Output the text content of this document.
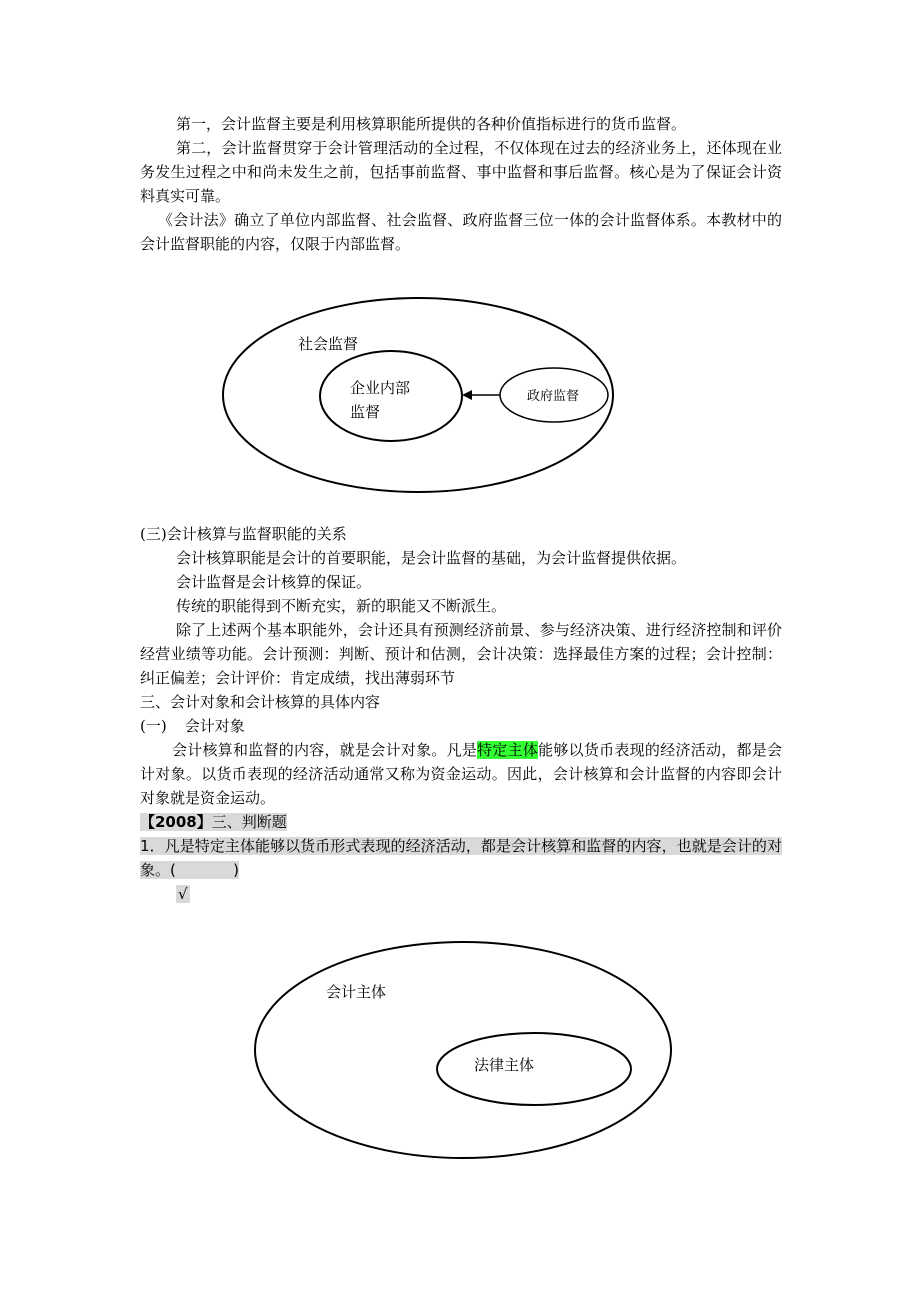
第一，会计监督主要是利用核算职能所提供的各种价值指标进行的货币监督。

第二，会计监督贯穿于会计管理活动的全过程，不仅体现在过去的经济业务上，还体现在业务发生过程之中和尚未发生之前，包括事前监督、事中监督和事后监督。核心是为了保证会计资料真实可靠。

《会计法》确立了单位内部监督、社会监督、政府监督三位一体的会计监督体系。本教材中的会计监督职能的内容，仅限于内部监督。

社会监督
企业内部
监督
政府监督

(三)会计核算与监督职能的关系

会计核算职能是会计的首要职能，是会计监督的基础，为会计监督提供依据。

会计监督是会计核算的保证。

传统的职能得到不断充实，新的职能又不断派生。

除了上述两个基本职能外，会计还具有预测经济前景、参与经济决策、进行经济控制和评价经营业绩等功能。会计预测：判断、预计和估测，会计决策：选择最佳方案的过程；会计控制：纠正偏差；会计评价：肯定成绩，找出薄弱环节

三、会计对象和会计核算的具体内容

(一) 会计对象

会计核算和监督的内容，就是会计对象。凡是特定主体能够以货币表现的经济活动，都是会计对象。以货币表现的经济活动通常又称为资金运动。因此，会计核算和会计监督的内容即会计对象就是资金运动。

【2008】三、判断题

1．凡是特定主体能够以货币形式表现的经济活动，都是会计核算和监督的内容，也就是会计的对象。(	)

√

会计主体
法律主体
